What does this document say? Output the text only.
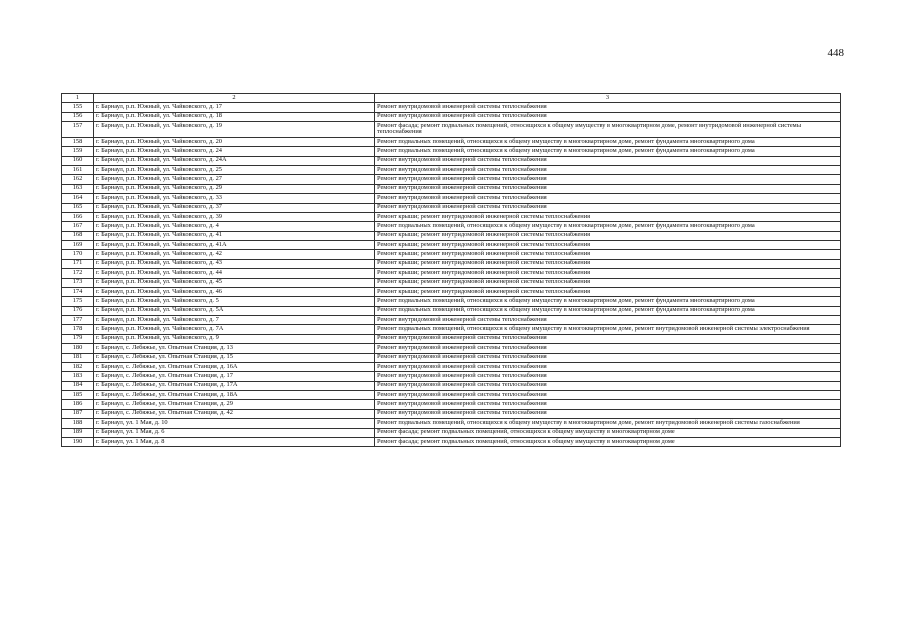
448
1	2	3
155	г. Барнаул, р.п. Южный, ул. Чайковского, д. 17	Ремонт внутридомовой инженерной системы теплоснабжения
156	г. Барнаул, р.п. Южный, ул. Чайковского, д. 18	Ремонт внутридомовой инженерной системы теплоснабжения
157	г. Барнаул, р.п. Южный, ул. Чайковского, д. 19	Ремонт фасада; ремонт подвальных помещений, относящихся к общему имуществу в многоквартирном доме, ремонт внутридомовой инженерной системы теплоснабжения
158	г. Барнаул, р.п. Южный, ул. Чайковского, д. 20	Ремонт подвальных помещений, относящихся к общему имуществу в многоквартирном доме, ремонт фундамента многоквартирного дома
159	г. Барнаул, р.п. Южный, ул. Чайковского, д. 24	Ремонт подвальных помещений, относящихся к общему имуществу в многоквартирном доме, ремонт фундамента многоквартирного дома
160	г. Барнаул, р.п. Южный, ул. Чайковского, д. 24А	Ремонт внутридомовой инженерной системы теплоснабжения
161	г. Барнаул, р.п. Южный, ул. Чайковского, д. 25	Ремонт внутридомовой инженерной системы теплоснабжения
162	г. Барнаул, р.п. Южный, ул. Чайковского, д. 27	Ремонт внутридомовой инженерной системы теплоснабжения
163	г. Барнаул, р.п. Южный, ул. Чайковского, д. 29	Ремонт внутридомовой инженерной системы теплоснабжения
164	г. Барнаул, р.п. Южный, ул. Чайковского, д. 33	Ремонт внутридомовой инженерной системы теплоснабжения
165	г. Барнаул, р.п. Южный, ул. Чайковского, д. 37	Ремонт внутридомовой инженерной системы теплоснабжения
166	г. Барнаул, р.п. Южный, ул. Чайковского, д. 39	Ремонт крыши; ремонт внутридомовой инженерной системы теплоснабжения
167	г. Барнаул, р.п. Южный, ул. Чайковского, д. 4	Ремонт подвальных помещений, относящихся к общему имуществу в многоквартирном доме, ремонт фундамента многоквартирного дома
168	г. Барнаул, р.п. Южный, ул. Чайковского, д. 41	Ремонт крыши; ремонт внутридомовой инженерной системы теплоснабжения
169	г. Барнаул, р.п. Южный, ул. Чайковского, д. 41А	Ремонт крыши; ремонт внутридомовой инженерной системы теплоснабжения
170	г. Барнаул, р.п. Южный, ул. Чайковского, д. 42	Ремонт крыши; ремонт внутридомовой инженерной системы теплоснабжения
171	г. Барнаул, р.п. Южный, ул. Чайковского, д. 43	Ремонт крыши; ремонт внутридомовой инженерной системы теплоснабжения
172	г. Барнаул, р.п. Южный, ул. Чайковского, д. 44	Ремонт крыши; ремонт внутридомовой инженерной системы теплоснабжения
173	г. Барнаул, р.п. Южный, ул. Чайковского, д. 45	Ремонт крыши; ремонт внутридомовой инженерной системы теплоснабжения
174	г. Барнаул, р.п. Южный, ул. Чайковского, д. 46	Ремонт крыши; ремонт внутридомовой инженерной системы теплоснабжения
175	г. Барнаул, р.п. Южный, ул. Чайковского, д. 5	Ремонт подвальных помещений, относящихся к общему имуществу в многоквартирном доме, ремонт фундамента многоквартирного дома
176	г. Барнаул, р.п. Южный, ул. Чайковского, д. 5А	Ремонт подвальных помещений, относящихся к общему имуществу в многоквартирном доме, ремонт фундамента многоквартирного дома
177	г. Барнаул, р.п. Южный, ул. Чайковского, д. 7	Ремонт внутридомовой инженерной системы теплоснабжения
178	г. Барнаул, р.п. Южный, ул. Чайковского, д. 7А	Ремонт подвальных помещений, относящихся к общему имуществу в многоквартирном доме, ремонт внутридомовой инженерной системы электроснабжения
179	г. Барнаул, р.п. Южный, ул. Чайковского, д. 9	Ремонт внутридомовой инженерной системы теплоснабжения
180	г. Барнаул, с. Лебяжье, ул. Опытная Станция, д. 13	Ремонт внутридомовой инженерной системы теплоснабжения
181	г. Барнаул, с. Лебяжье, ул. Опытная Станция, д. 15	Ремонт внутридомовой инженерной системы теплоснабжения
182	г. Барнаул, с. Лебяжье, ул. Опытная Станция, д. 16А	Ремонт внутридомовой инженерной системы теплоснабжения
183	г. Барнаул, с. Лебяжье, ул. Опытная Станция, д. 17	Ремонт внутридомовой инженерной системы теплоснабжения
184	г. Барнаул, с. Лебяжье, ул. Опытная Станция, д. 17А	Ремонт внутридомовой инженерной системы теплоснабжения
185	г. Барнаул, с. Лебяжье, ул. Опытная Станция, д. 18А	Ремонт внутридомовой инженерной системы теплоснабжения
186	г. Барнаул, с. Лебяжье, ул. Опытная Станция, д. 29	Ремонт внутридомовой инженерной системы теплоснабжения
187	г. Барнаул, с. Лебяжье, ул. Опытная Станция, д. 42	Ремонт внутридомовой инженерной системы теплоснабжения
188	г. Барнаул, ул. 1 Мая, д. 10	Ремонт подвальных помещений, относящихся к общему имуществу в многоквартирном доме, ремонт внутридомовой инженерной системы газоснабжения
189	г. Барнаул, ул. 1 Мая, д. 6	Ремонт фасада; ремонт подвальных помещений, относящихся к общему имуществу в многоквартирном доме
190	г. Барнаул, ул. 1 Мая, д. 8	Ремонт фасада; ремонт подвальных помещений, относящихся к общему имуществу в многоквартирном доме
